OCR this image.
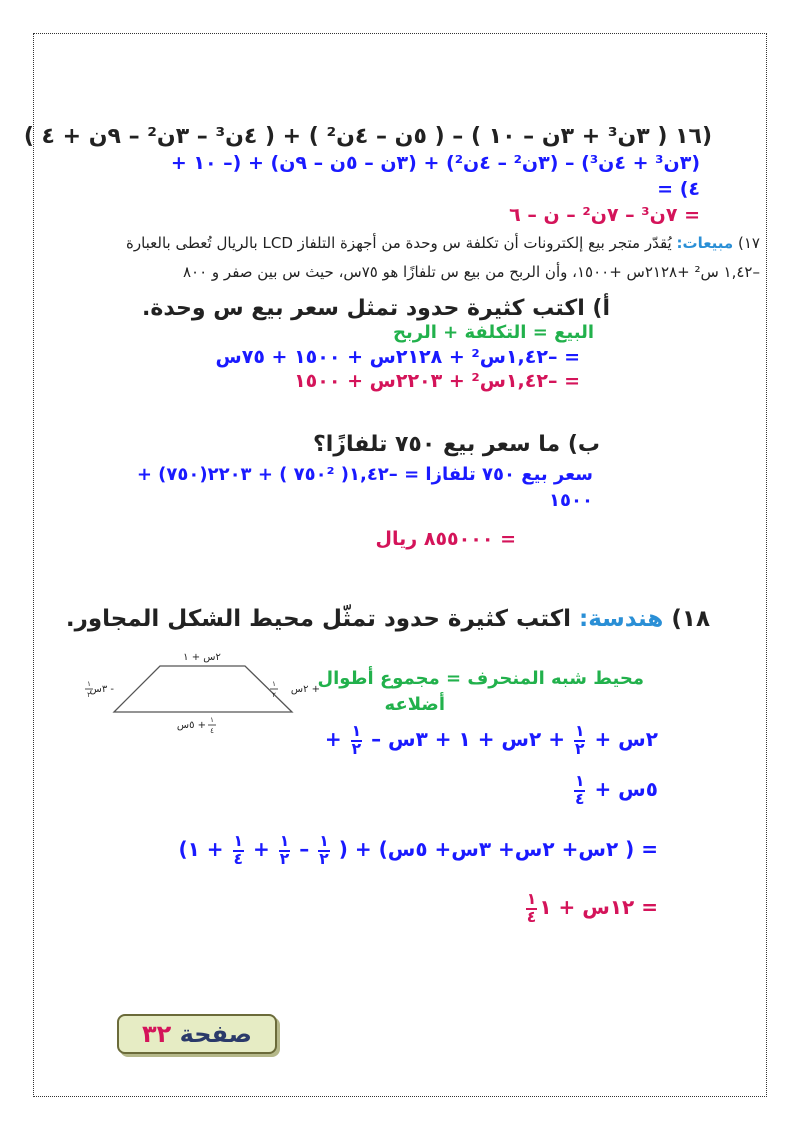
(١٦ ( ٣ن³ + ٣ن – ١٠ ) – ( ٥ن – ٤ن² ) + ( ٤ن³ – ٣ن² – ٩ن + ٤ )
(٣ن³ + ٤ن³) – (٣ن² – ٤ن²) + (٣ن – ٥ن – ٩ن) + (– ١٠ +
٤) =
= ٧ن³ – ٧ن² – ن – ٦
١٧) مبيعات: يُقدّر متجر بيع إلكترونات أن تكلفة س وحدة من أجهزة التلفاز LCD بالريال تُعطى بالعبارة
–١,٤٢ س² +٢١٢٨س +١٥٠٠، وأن الربح من بيع س تلفازًا هو ٧٥س، حيث س بين صفر و ٨٠٠
أ) اكتب كثيرة حدود تمثل سعر بيع س وحدة.
البيع = التكلفة + الربح
= –١,٤٢س² + ٢١٢٨س + ١٥٠٠ + ٧٥س
= –١,٤٢س² + ٢٢٠٣س + ١٥٠٠
ب) ما سعر بيع ٧٥٠ تلفازًا؟
سعر بيع ٧٥٠ تلفازا = –١,٤٢( ٧٥٠² ) + ٢٢٠٣(٧٥٠) +
١٥٠٠
= ٨٥٥٠٠٠ ريال
١٨) هندسة: اكتب كثيرة حدود تمثّل محيط الشكل المجاور.
٢س + ١
٥س + ١
٤
٣س -
١
٢	٢س +
١
٢
محيط شبه المنحرف = مجموع أطوال
أضلاعه
٢س +
١
٢
+ ٢س + ١ + ٣س –
١
٢
+
٥س +
١
٤
= ( ٢س+ ٢س+ ٣س+ ٥س) + (
١
٢
–
١
٢
+
١
٤
+ ١)
= ١٢س + ١
١
٤
صفحة ٣٢
